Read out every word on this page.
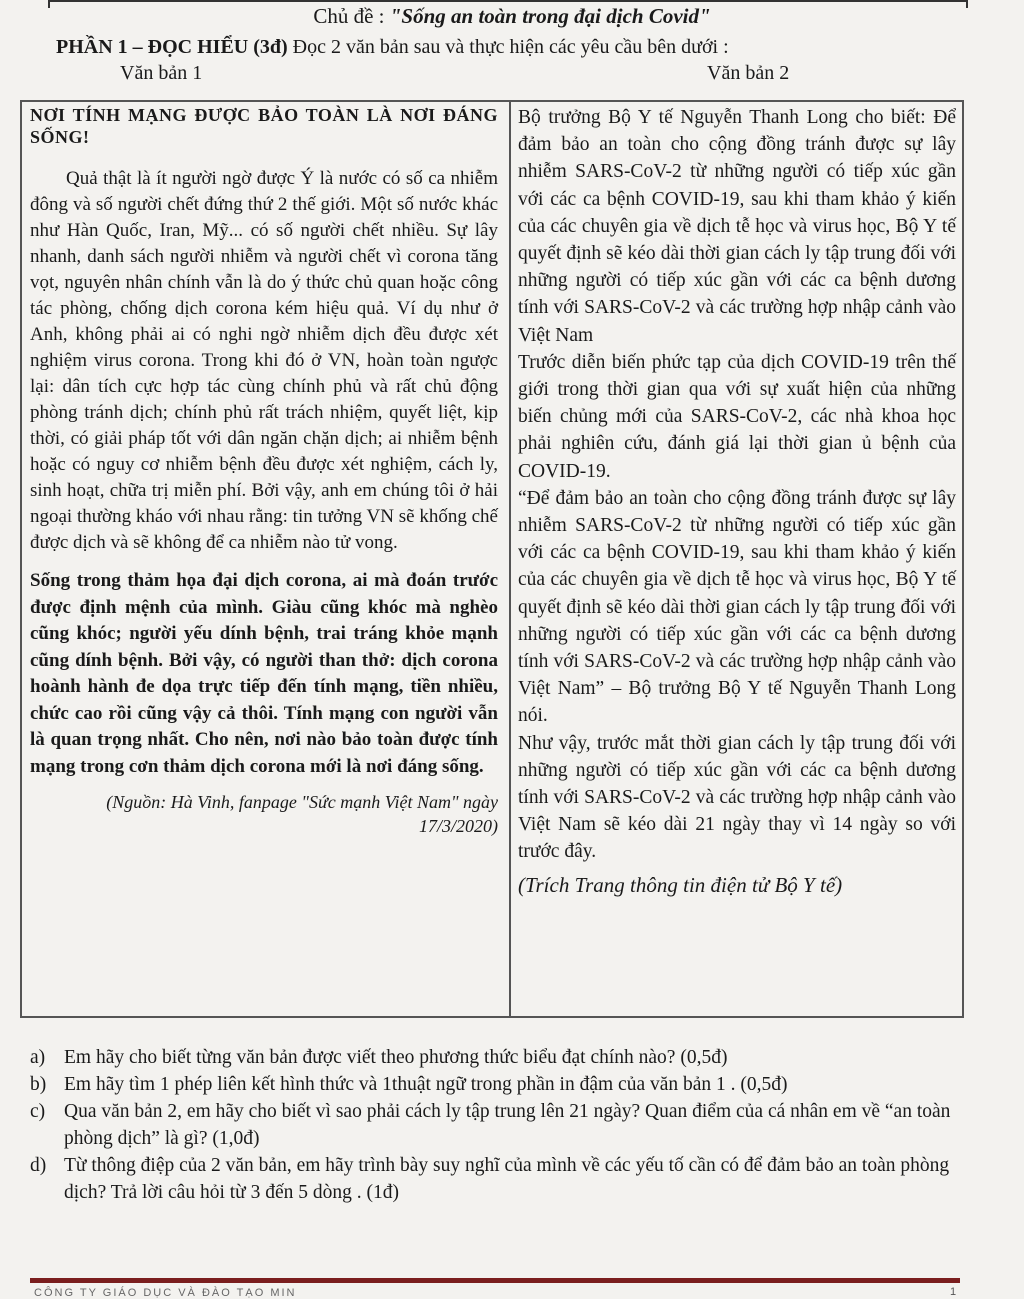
Chủ đề : "Sống an toàn trong đại dịch Covid"
PHẦN 1 – ĐỌC HIỂU (3đ) Đọc 2 văn bản sau và thực hiện các yêu cầu bên dưới :
Văn bản 1	Văn bản 2

NƠI TÍNH MẠNG ĐƯỢC BẢO TOÀN LÀ NƠI ĐÁNG SỐNG!

Quả thật là ít người ngờ được Ý là nước có số ca nhiễm đông và số người chết đứng thứ 2 thế giới. Một số nước khác như Hàn Quốc, Iran, Mỹ... có số người chết nhiều. Sự lây nhanh, danh sách người nhiễm và người chết vì corona tăng vọt, nguyên nhân chính vẫn là do ý thức chủ quan hoặc công tác phòng, chống dịch corona kém hiệu quả. Ví dụ như ở Anh, không phải ai có nghi ngờ nhiễm dịch đều được xét nghiệm virus corona. Trong khi đó ở VN, hoàn toàn ngược lại: dân tích cực hợp tác cùng chính phủ và rất chủ động phòng tránh dịch; chính phủ rất trách nhiệm, quyết liệt, kịp thời, có giải pháp tốt với dân ngăn chặn dịch; ai nhiễm bệnh hoặc có nguy cơ nhiễm bệnh đều được xét nghiệm, cách ly, sinh hoạt, chữa trị miễn phí. Bởi vậy, anh em chúng tôi ở hải ngoại thường kháo với nhau rằng: tin tưởng VN sẽ khống chế được dịch và sẽ không để ca nhiễm nào tử vong.

Sống trong thảm họa đại dịch corona, ai mà đoán trước được định mệnh của mình. Giàu cũng khóc mà nghèo cũng khóc; người yếu dính bệnh, trai tráng khỏe mạnh cũng dính bệnh. Bởi vậy, có người than thở: dịch corona hoành hành đe dọa trực tiếp đến tính mạng, tiền nhiều, chức cao rồi cũng vậy cả thôi. Tính mạng con người vẫn là quan trọng nhất. Cho nên, nơi nào bảo toàn được tính mạng trong cơn thảm dịch corona mới là nơi đáng sống.

(Nguồn: Hà Vinh, fanpage "Sức mạnh Việt Nam" ngày 17/3/2020)

Bộ trưởng Bộ Y tế Nguyễn Thanh Long cho biết: Để đảm bảo an toàn cho cộng đồng tránh được sự lây nhiễm SARS-CoV-2 từ những người có tiếp xúc gần với các ca bệnh COVID-19, sau khi tham khảo ý kiến của các chuyên gia về dịch tễ học và virus học, Bộ Y tế quyết định sẽ kéo dài thời gian cách ly tập trung đối với những người có tiếp xúc gần với các ca bệnh dương tính với SARS-CoV-2 và các trường hợp nhập cảnh vào Việt Nam

Trước diễn biến phức tạp của dịch COVID-19 trên thế giới trong thời gian qua với sự xuất hiện của những biến chủng mới của SARS-CoV-2, các nhà khoa học phải nghiên cứu, đánh giá lại thời gian ủ bệnh của COVID-19.

“Để đảm bảo an toàn cho cộng đồng tránh được sự lây nhiễm SARS-CoV-2 từ những người có tiếp xúc gần với các ca bệnh COVID-19, sau khi tham khảo ý kiến của các chuyên gia về dịch tễ học và virus học, Bộ Y tế quyết định sẽ kéo dài thời gian cách ly tập trung đối với những người có tiếp xúc gần với các ca bệnh dương tính với SARS-CoV-2 và các trường hợp nhập cảnh vào Việt Nam” – Bộ trưởng Bộ Y tế Nguyễn Thanh Long nói.

Như vậy, trước mắt thời gian cách ly tập trung đối với những người có tiếp xúc gần với các ca bệnh dương tính với SARS-CoV-2 và các trường hợp nhập cảnh vào Việt Nam sẽ kéo dài 21 ngày thay vì 14 ngày so với trước đây.

(Trích Trang thông tin điện tử Bộ Y tế)

a) Em hãy cho biết từng văn bản được viết theo phương thức biểu đạt chính nào? (0,5đ)
b) Em hãy tìm 1 phép liên kết hình thức và 1thuật ngữ trong phần in đậm của văn bản 1 . (0,5đ)
c) Qua văn bản 2, em hãy cho biết vì sao phải cách ly tập trung lên 21 ngày? Quan điểm của cá nhân em về “an toàn phòng dịch” là gì? (1,0đ)
d) Từ thông điệp của 2 văn bản, em hãy trình bày suy nghĩ của mình về các yếu tố cần có để đảm bảo an toàn phòng dịch? Trả lời câu hỏi từ 3 đến 5 dòng . (1đ)
CÔNG TY GIÁO DỤC VÀ ĐÀO TẠO MIN	1
